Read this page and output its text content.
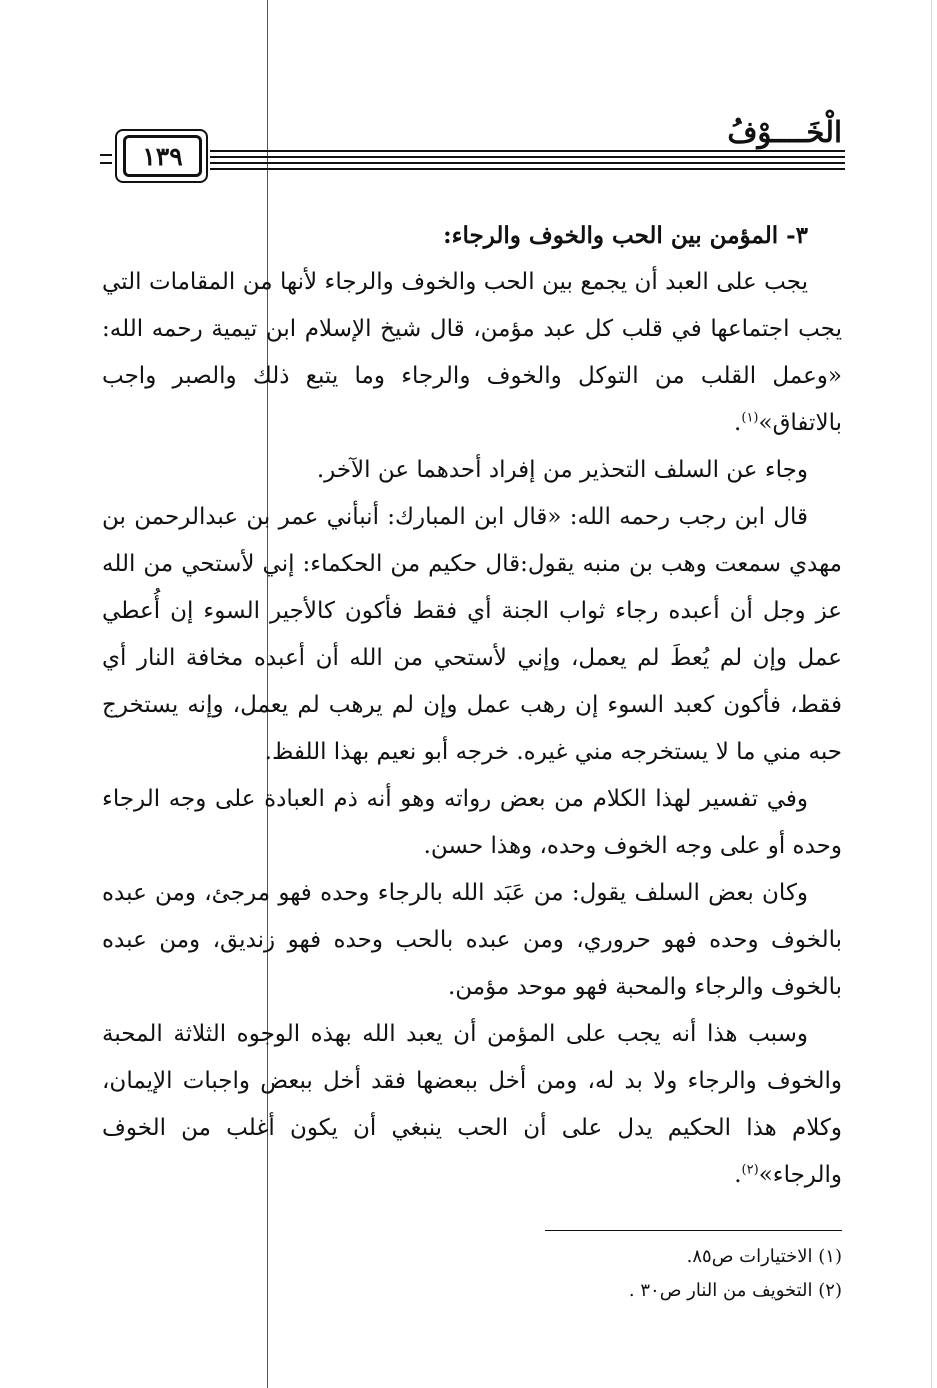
الْخَــــوْفُ
١٣٩

٣- المؤمن بين الحب والخوف والرجاء:

يجب على العبد أن يجمع بين الحب والخوف والرجاء لأنها من المقامات التي يجب اجتماعها في قلب كل عبد مؤمن، قال شيخ الإسلام ابن تيمية رحمه الله: «وعمل القلب من التوكل والخوف والرجاء وما يتبع ذلك والصبر واجب بالاتفاق»$^{(١)}$.

وجاء عن السلف التحذير من إفراد أحدهما عن الآخر.

قال ابن رجب رحمه الله: «قال ابن المبارك: أنبأني عمر بن عبدالرحمن بن مهدي سمعت وهب بن منبه يقول:قال حكيم من الحكماء: إني لأستحي من الله عز وجل أن أعبده رجاء ثواب الجنة أي فقط فأكون كالأجير السوء إن أُعطي عمل وإن لم يُعطَ لم يعمل، وإني لأستحي من الله أن أعبده مخافة النار أي فقط، فأكون كعبد السوء إن رهب عمل وإن لم يرهب لم يعمل، وإنه يستخرج حبه مني ما لا يستخرجه مني غيره. خرجه أبو نعيم بهذا اللفظ.

وفي تفسير لهذا الكلام من بعض رواته وهو أنه ذم العبادة على وجه الرجاء وحده أو على وجه الخوف وحده، وهذا حسن.

وكان بعض السلف يقول: من عَبَد الله بالرجاء وحده فهو مرجئ، ومن عبده بالخوف وحده فهو حروري، ومن عبده بالحب وحده فهو زنديق، ومن عبده بالخوف والرجاء والمحبة فهو موحد مؤمن.

وسبب هذا أنه يجب على المؤمن أن يعبد الله بهذه الوجوه الثلاثة المحبة والخوف والرجاء ولا بد له، ومن أخل ببعضها فقد أخل ببعض واجبات الإيمان، وكلام هذا الحكيم يدل على أن الحب ينبغي أن يكون أغلب من الخوف والرجاء»$^{(٢)}$.

(١) الاختيارات ص٨٥.

(٢) التخويف من النار ص٣٠ .
